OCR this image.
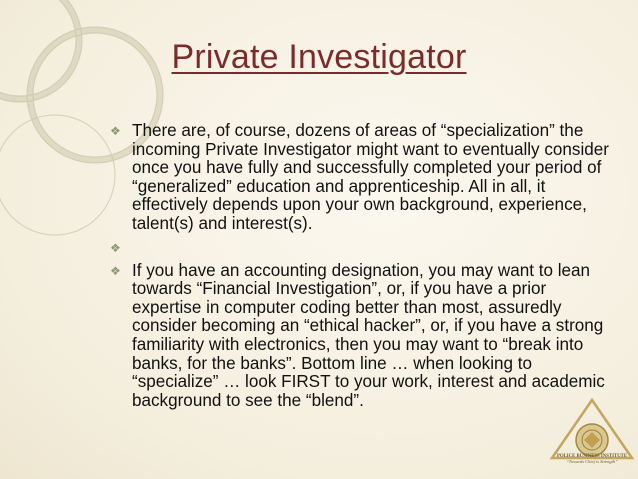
Private Investigator
❖ There are, of course, dozens of areas of “specialization” the incoming Private Investigator might want to eventually consider once you have fully and successfully completed your period of “generalized” education and apprenticeship. All in all, it effectively depends upon your own background, experience, talent(s) and interest(s).
❖
❖ If you have an accounting designation, you may want to lean towards “Financial Investigation”, or, if you have a prior expertise in computer coding better than most, assuredly consider becoming an “ethical hacker”, or, if you have a strong familiarity with electronics, then you may want to “break into banks, for the banks”. Bottom line … when looking to “specialize” … look FIRST to your work, interest and academic background to see the “blend”.
POLICE BUSINESS INSTITUTE
“Towards Chief is Strength”
